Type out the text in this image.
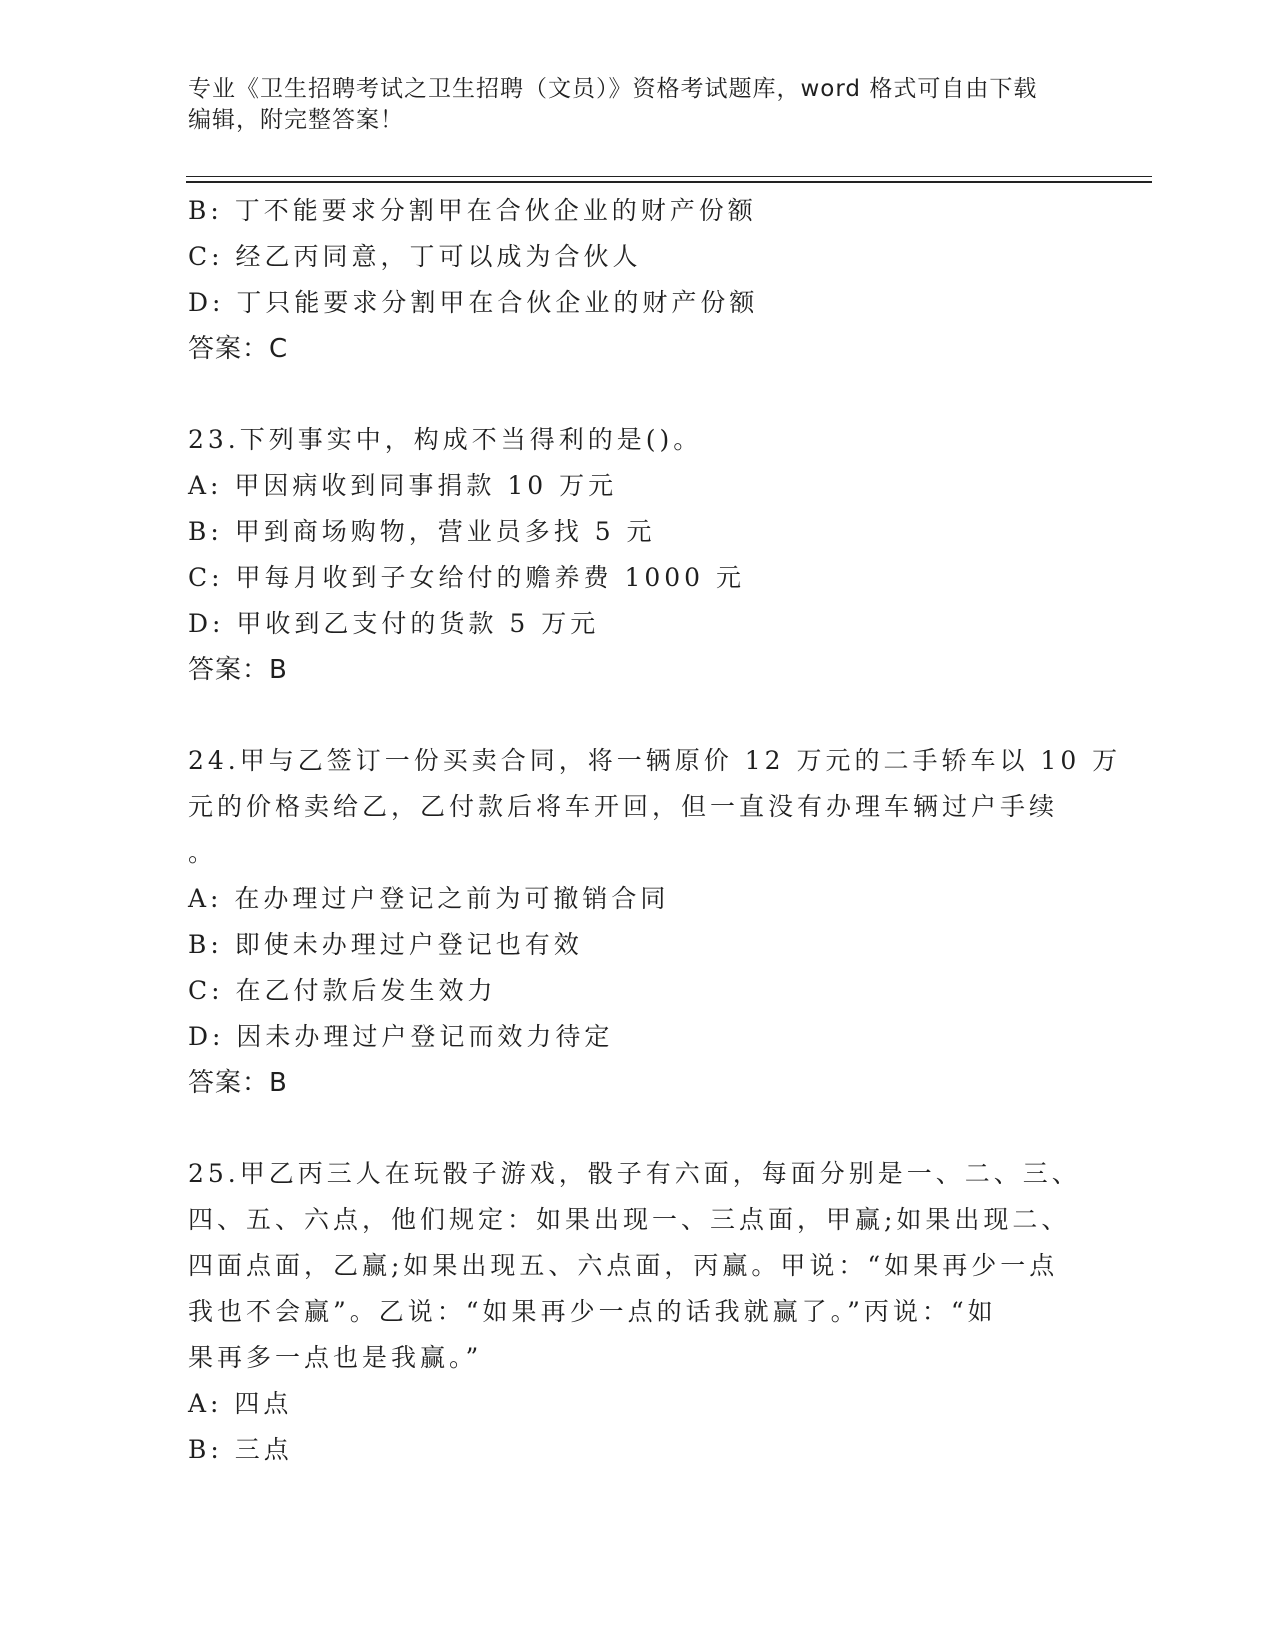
专业《卫生招聘考试之卫生招聘（文员）》资格考试题库，word 格式可自由下载
编辑，附完整答案！
B: 丁不能要求分割甲在合伙企业的财产份额
C: 经乙丙同意，丁可以成为合伙人
D: 丁只能要求分割甲在合伙企业的财产份额
答案：C
23.下列事实中，构成不当得利的是()。
A: 甲因病收到同事捐款 10 万元
B: 甲到商场购物，营业员多找 5 元
C: 甲每月收到子女给付的赡养费 1000 元
D: 甲收到乙支付的货款 5 万元
答案：B
24.甲与乙签订一份买卖合同，将一辆原价 12 万元的二手轿车以 10 万
元的价格卖给乙，乙付款后将车开回，但一直没有办理车辆过户手续
。
A: 在办理过户登记之前为可撤销合同
B: 即使未办理过户登记也有效
C: 在乙付款后发生效力
D: 因未办理过户登记而效力待定
答案：B
25.甲乙丙三人在玩骰子游戏，骰子有六面，每面分别是一、二、三、
四、五、六点，他们规定：如果出现一、三点面，甲赢;如果出现二、
四面点面，乙赢;如果出现五、六点面，丙赢。甲说：“如果再少一点
我也不会赢”。乙说：“如果再少一点的话我就赢了。”丙说：“如
果再多一点也是我赢。”
A: 四点
B: 三点
